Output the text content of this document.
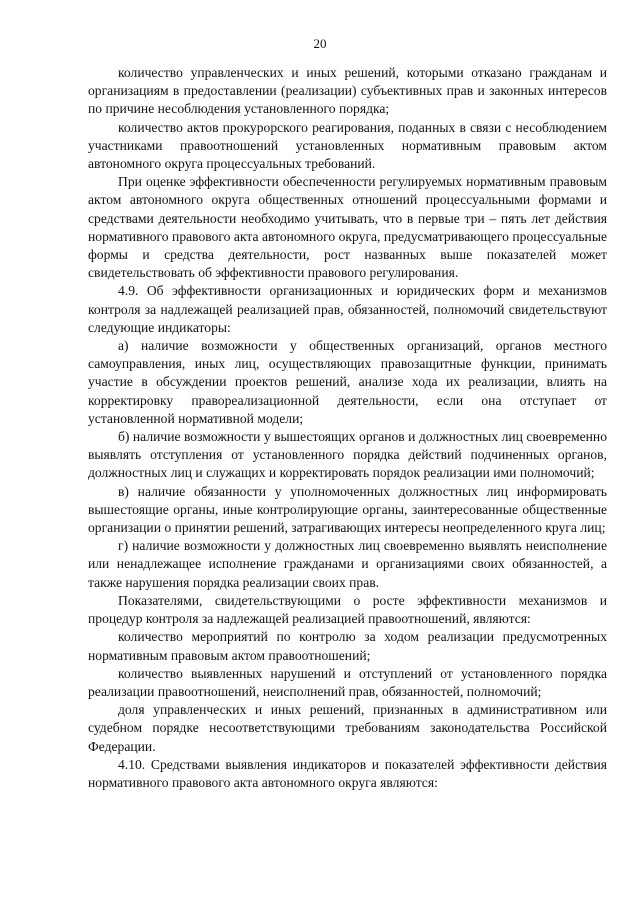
20

количество управленческих и иных решений, которыми отказано гражданам и организациям в предоставлении (реализации) субъективных прав и законных интересов по причине несоблюдения установленного порядка;

количество актов прокурорского реагирования, поданных в связи с несоблюдением участниками правоотношений установленных нормативным правовым актом автономного округа процессуальных требований.

При оценке эффективности обеспеченности регулируемых нормативным правовым актом автономного округа общественных отношений процессуальными формами и средствами деятельности необходимо учитывать, что в первые три – пять лет действия нормативного правового акта автономного округа, предусматривающего процессуальные формы и средства деятельности, рост названных выше показателей может свидетельствовать об эффективности правового регулирования.

4.9. Об эффективности организационных и юридических форм и механизмов контроля за надлежащей реализацией прав, обязанностей, полномочий свидетельствуют следующие индикаторы:

а) наличие возможности у общественных организаций, органов местного самоуправления, иных лиц, осуществляющих правозащитные функции, принимать участие в обсуждении проектов решений, анализе хода их реализации, влиять на корректировку правореализационной деятельности, если она отступает от установленной нормативной модели;

б) наличие возможности у вышестоящих органов и должностных лиц своевременно выявлять отступления от установленного порядка действий подчиненных органов, должностных лиц и служащих и корректировать порядок реализации ими полномочий;

в) наличие обязанности у уполномоченных должностных лиц информировать вышестоящие органы, иные контролирующие органы, заинтересованные общественные организации о принятии решений, затрагивающих интересы неопределенного круга лиц;

г) наличие возможности у должностных лиц своевременно выявлять неисполнение или ненадлежащее исполнение гражданами и организациями своих обязанностей, а также нарушения порядка реализации своих прав.

Показателями, свидетельствующими о росте эффективности механизмов и процедур контроля за надлежащей реализацией правоотношений, являются:

количество мероприятий по контролю за ходом реализации предусмотренных нормативным правовым актом правоотношений;

количество выявленных нарушений и отступлений от установленного порядка реализации правоотношений, неисполнений прав, обязанностей, полномочий;

доля управленческих и иных решений, признанных в административном или судебном порядке несоответствующими требованиям законодательства Российской Федерации.

4.10. Средствами выявления индикаторов и показателей эффективности действия нормативного правового акта автономного округа являются:
